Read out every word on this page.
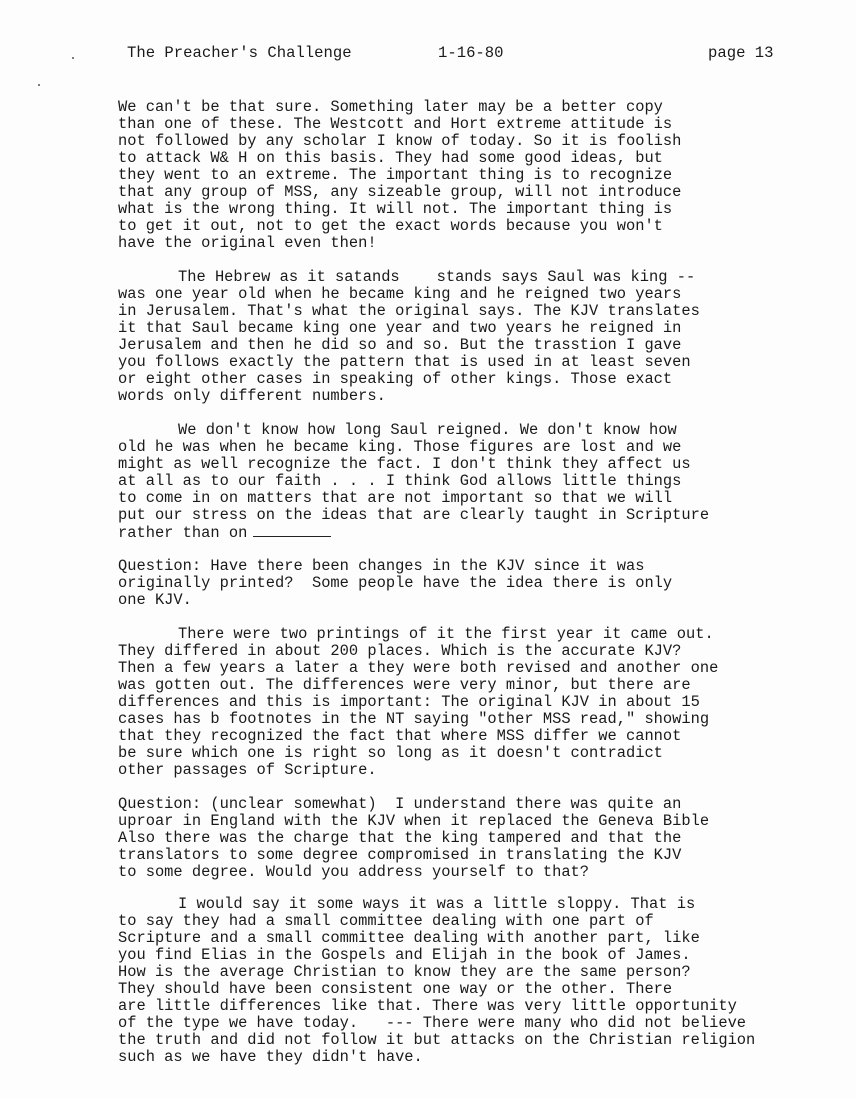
The Preacher's Challenge	1-16-80	page 13
We can't be that sure. Something later may be a better copy
than one of these. The Westcott and Hort extreme attitude is
not followed by any scholar I know of today. So it is foolish
to attack W& H on this basis. They had some good ideas, but
they went to an extreme. The important thing is to recognize
that any group of MSS, any sizeable group, will not introduce
what is the wrong thing. It will not. The important thing is
to get it out, not to get the exact words because you won't
have the original even then!
The Hebrew as it satands    stands says Saul was king --
was one year old when he became king and he reigned two years
in Jerusalem. That's what the original says. The KJV translates
it that Saul became king one year and two years he reigned in
Jerusalem and then he did so and so. But the trasstion I gave
you follows exactly the pattern that is used in at least seven
or eight other cases in speaking of other kings. Those exact
words only different numbers.
We don't know how long Saul reigned. We don't know how
old he was when he became king. Those figures are lost and we
might as well recognize the fact. I don't think they affect us
at all as to our faith . . . I think God allows little things
to come in on matters that are not important so that we will
put our stress on the ideas that are clearly taught in Scripture
rather than on
Question: Have there been changes in the KJV since it was
originally printed?  Some people have the idea there is only
one KJV.
There were two printings of it the first year it came out.
They differed in about 200 places. Which is the accurate KJV?
Then a few years a later a they were both revised and another one
was gotten out. The differences were very minor, but there are
differences and this is important: The original KJV in about 15
cases has b footnotes in the NT saying "other MSS read," showing
that they recognized the fact that where MSS differ we cannot
be sure which one is right so long as it doesn't contradict
other passages of Scripture.
Question: (unclear somewhat)  I understand there was quite an
uproar in England with the KJV when it replaced the Geneva Bible
Also there was the charge that the king tampered and that the
translators to some degree compromised in translating the KJV
to some degree. Would you address yourself to that?
I would say it some ways it was a little sloppy. That is
to say they had a small committee dealing with one part of
Scripture and a small committee dealing with another part, like
you find Elias in the Gospels and Elijah in the book of James.
How is the average Christian to know they are the same person?
They should have been consistent one way or the other. There
are little differences like that. There was very little opportunity
of the type we have today.   --- There were many who did not believe
the truth and did not follow it but attacks on the Christian religion
such as we have they didn't have.
